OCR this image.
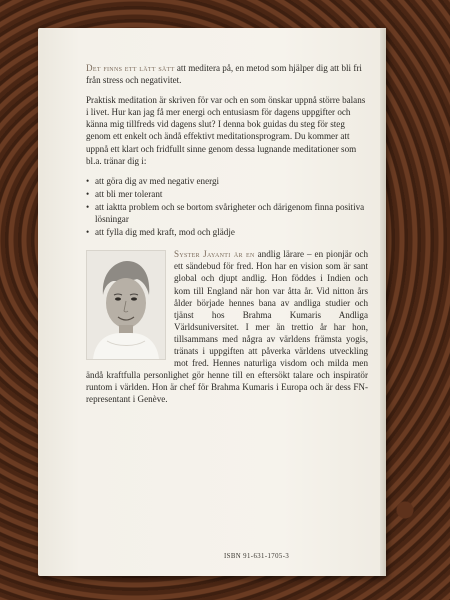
Det finns ett lätt sätt att meditera på, en metod som hjälper dig att bli fri från stress och negativitet.

Praktisk meditation är skriven för var och en som önskar uppnå större balans i livet. Hur kan jag få mer energi och entusiasm för dagens uppgifter och känna mig tillfreds vid dagens slut? I denna bok guidas du steg för steg genom ett enkelt och ändå effektivt meditationsprogram. Du kommer att uppnå ett klart och fridfullt sinne genom dessa lugnande meditationer som bl.a. tränar dig i:

• att göra dig av med negativ energi
• att bli mer tolerant
• att iaktta problem och se bortom svårigheter och därigenom finna positiva lösningar
• att fylla dig med kraft, mod och glädje

Syster Jayanti är en andlig lärare – en pionjär och ett sändebud för fred. Hon har en vision som är sant global och djupt andlig. Hon föddes i Indien och kom till England när hon var åtta år. Vid nitton års ålder började hennes bana av andliga studier och tjänst hos Brahma Kumaris Andliga Världsuniversitet. I mer än trettio år har hon, tillsammans med några av världens främsta yogis, tränats i uppgiften att påverka världens utveckling mot fred. Hennes naturliga visdom och milda men ändå kraftfulla personlighet gör henne till en eftersökt talare och inspiratör runtom i världen. Hon är chef för Brahma Kumaris i Europa och är dess FN-representant i Genève.

ISBN 91-631-1705-3
